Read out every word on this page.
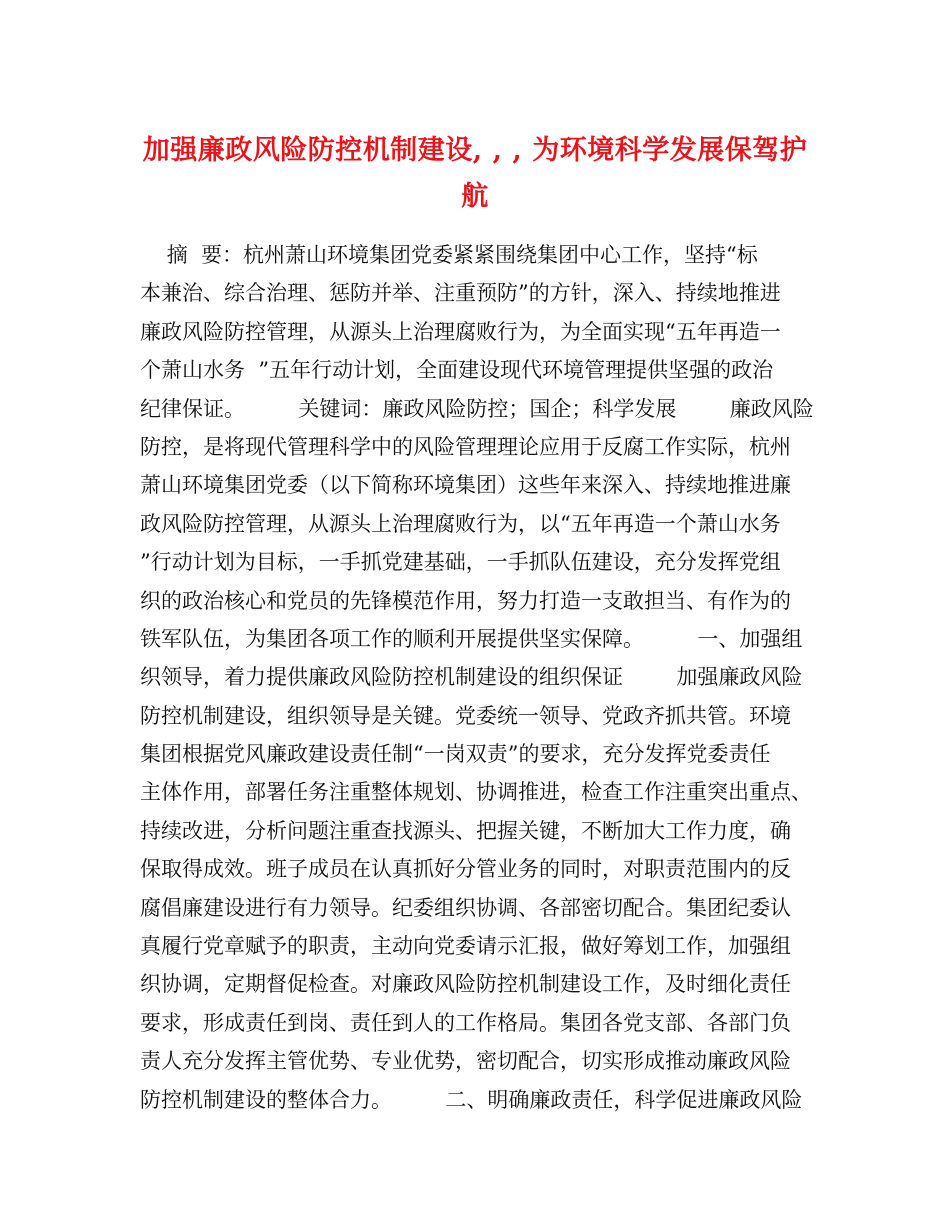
加强廉政风险防控机制建设, , , 为环境科学发展保驾护
航
摘  要：杭州萧山环境集团党委紧紧围绕集团中心工作，坚持“标
本兼治、综合治理、惩防并举、注重预防”的方针，深入、持续地推进
廉政风险防控管理，从源头上治理腐败行为，为全面实现“五年再造一
个萧山水务  ”五年行动计划，全面建设现代环境管理提供坚强的政治
纪律保证。        关键词：廉政风险防控；国企；科学发展        廉政风险
防控，是将现代管理科学中的风险管理理论应用于反腐工作实际，杭州
萧山环境集团党委（以下简称环境集团）这些年来深入、持续地推进廉
政风险防控管理，从源头上治理腐败行为，以“五年再造一个萧山水务
”行动计划为目标，一手抓党建基础，一手抓队伍建设，充分发挥党组
织的政治核心和党员的先锋模范作用，努力打造一支敢担当、有作为的
铁军队伍，为集团各项工作的顺利开展提供坚实保障。        一、加强组
织领导，着力提供廉政风险防控机制建设的组织保证        加强廉政风险
防控机制建设，组织领导是关键。党委统一领导、党政齐抓共管。环境
集团根据党风廉政建设责任制“一岗双责”的要求，充分发挥党委责任
主体作用，部署任务注重整体规划、协调推进，检查工作注重突出重点、
持续改进，分析问题注重查找源头、把握关键，不断加大工作力度，确
保取得成效。班子成员在认真抓好分管业务的同时，对职责范围内的反
腐倡廉建设进行有力领导。纪委组织协调、各部密切配合。集团纪委认
真履行党章赋予的职责，主动向党委请示汇报，做好筹划工作，加强组
织协调，定期督促检查。对廉政风险防控机制建设工作，及时细化责任
要求，形成责任到岗、责任到人的工作格局。集团各党支部、各部门负
责人充分发挥主管优势、专业优势，密切配合，切实形成推动廉政风险
防控机制建设的整体合力。        二、明确廉政责任，科学促进廉政风险
